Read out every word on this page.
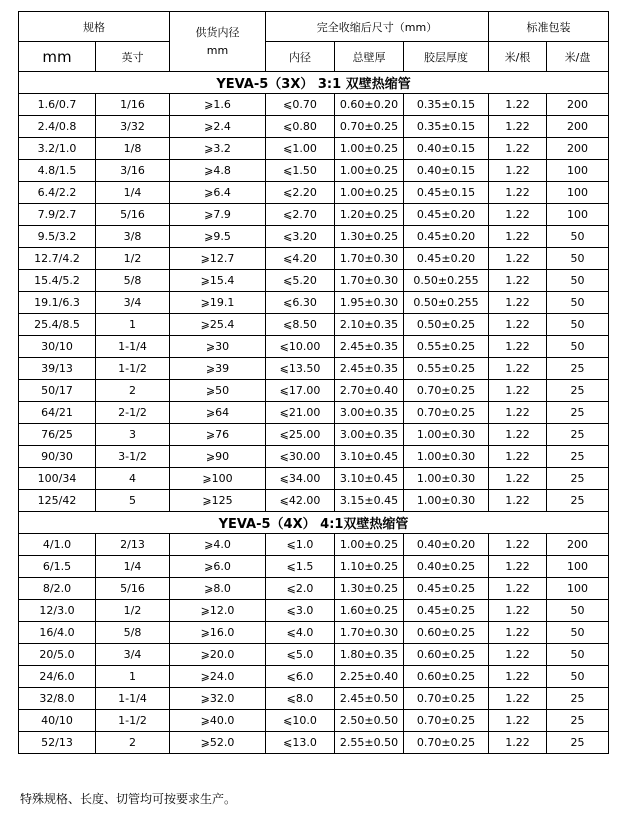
规格		供货内径
mm	完全收缩后尺寸（mm）			标准包装	
mm	英寸		内径	总壁厚	胶层厚度	米/根	米/盘
YEVA-5（3X） 3:1 双壁热缩管							
1.6/0.7	1/16	⩾1.6	⩽0.70	0.60±0.20	0.35±0.15	1.22	200
2.4/0.8	3/32	⩾2.4	⩽0.80	0.70±0.25	0.35±0.15	1.22	200
3.2/1.0	1/8	⩾3.2	⩽1.00	1.00±0.25	0.40±0.15	1.22	200
4.8/1.5	3/16	⩾4.8	⩽1.50	1.00±0.25	0.40±0.15	1.22	100
6.4/2.2	1/4	⩾6.4	⩽2.20	1.00±0.25	0.45±0.15	1.22	100
7.9/2.7	5/16	⩾7.9	⩽2.70	1.20±0.25	0.45±0.20	1.22	100
9.5/3.2	3/8	⩾9.5	⩽3.20	1.30±0.25	0.45±0.20	1.22	50
12.7/4.2	1/2	⩾12.7	⩽4.20	1.70±0.30	0.45±0.20	1.22	50
15.4/5.2	5/8	⩾15.4	⩽5.20	1.70±0.30	0.50±0.255	1.22	50
19.1/6.3	3/4	⩾19.1	⩽6.30	1.95±0.30	0.50±0.255	1.22	50
25.4/8.5	1	⩾25.4	⩽8.50	2.10±0.35	0.50±0.25	1.22	50
30/10	1-1/4	⩾30	⩽10.00	2.45±0.35	0.55±0.25	1.22	50
39/13	1-1/2	⩾39	⩽13.50	2.45±0.35	0.55±0.25	1.22	25
50/17	2	⩾50	⩽17.00	2.70±0.40	0.70±0.25	1.22	25
64/21	2-1/2	⩾64	⩽21.00	3.00±0.35	0.70±0.25	1.22	25
76/25	3	⩾76	⩽25.00	3.00±0.35	1.00±0.30	1.22	25
90/30	3-1/2	⩾90	⩽30.00	3.10±0.45	1.00±0.30	1.22	25
100/34	4	⩾100	⩽34.00	3.10±0.45	1.00±0.30	1.22	25
125/42	5	⩾125	⩽42.00	3.15±0.45	1.00±0.30	1.22	25
YEVA-5（4X） 4:1双壁热缩管							
4/1.0	2/13	⩾4.0	⩽1.0	1.00±0.25	0.40±0.20	1.22	200
6/1.5	1/4	⩾6.0	⩽1.5	1.10±0.25	0.40±0.25	1.22	100
8/2.0	5/16	⩾8.0	⩽2.0	1.30±0.25	0.45±0.25	1.22	100
12/3.0	1/2	⩾12.0	⩽3.0	1.60±0.25	0.45±0.25	1.22	50
16/4.0	5/8	⩾16.0	⩽4.0	1.70±0.30	0.60±0.25	1.22	50
20/5.0	3/4	⩾20.0	⩽5.0	1.80±0.35	0.60±0.25	1.22	50
24/6.0	1	⩾24.0	⩽6.0	2.25±0.40	0.60±0.25	1.22	50
32/8.0	1-1/4	⩾32.0	⩽8.0	2.45±0.50	0.70±0.25	1.22	25
40/10	1-1/2	⩾40.0	⩽10.0	2.50±0.50	0.70±0.25	1.22	25
52/13	2	⩾52.0	⩽13.0	2.55±0.50	0.70±0.25	1.22	25
特殊规格、长度、切管均可按要求生产。
